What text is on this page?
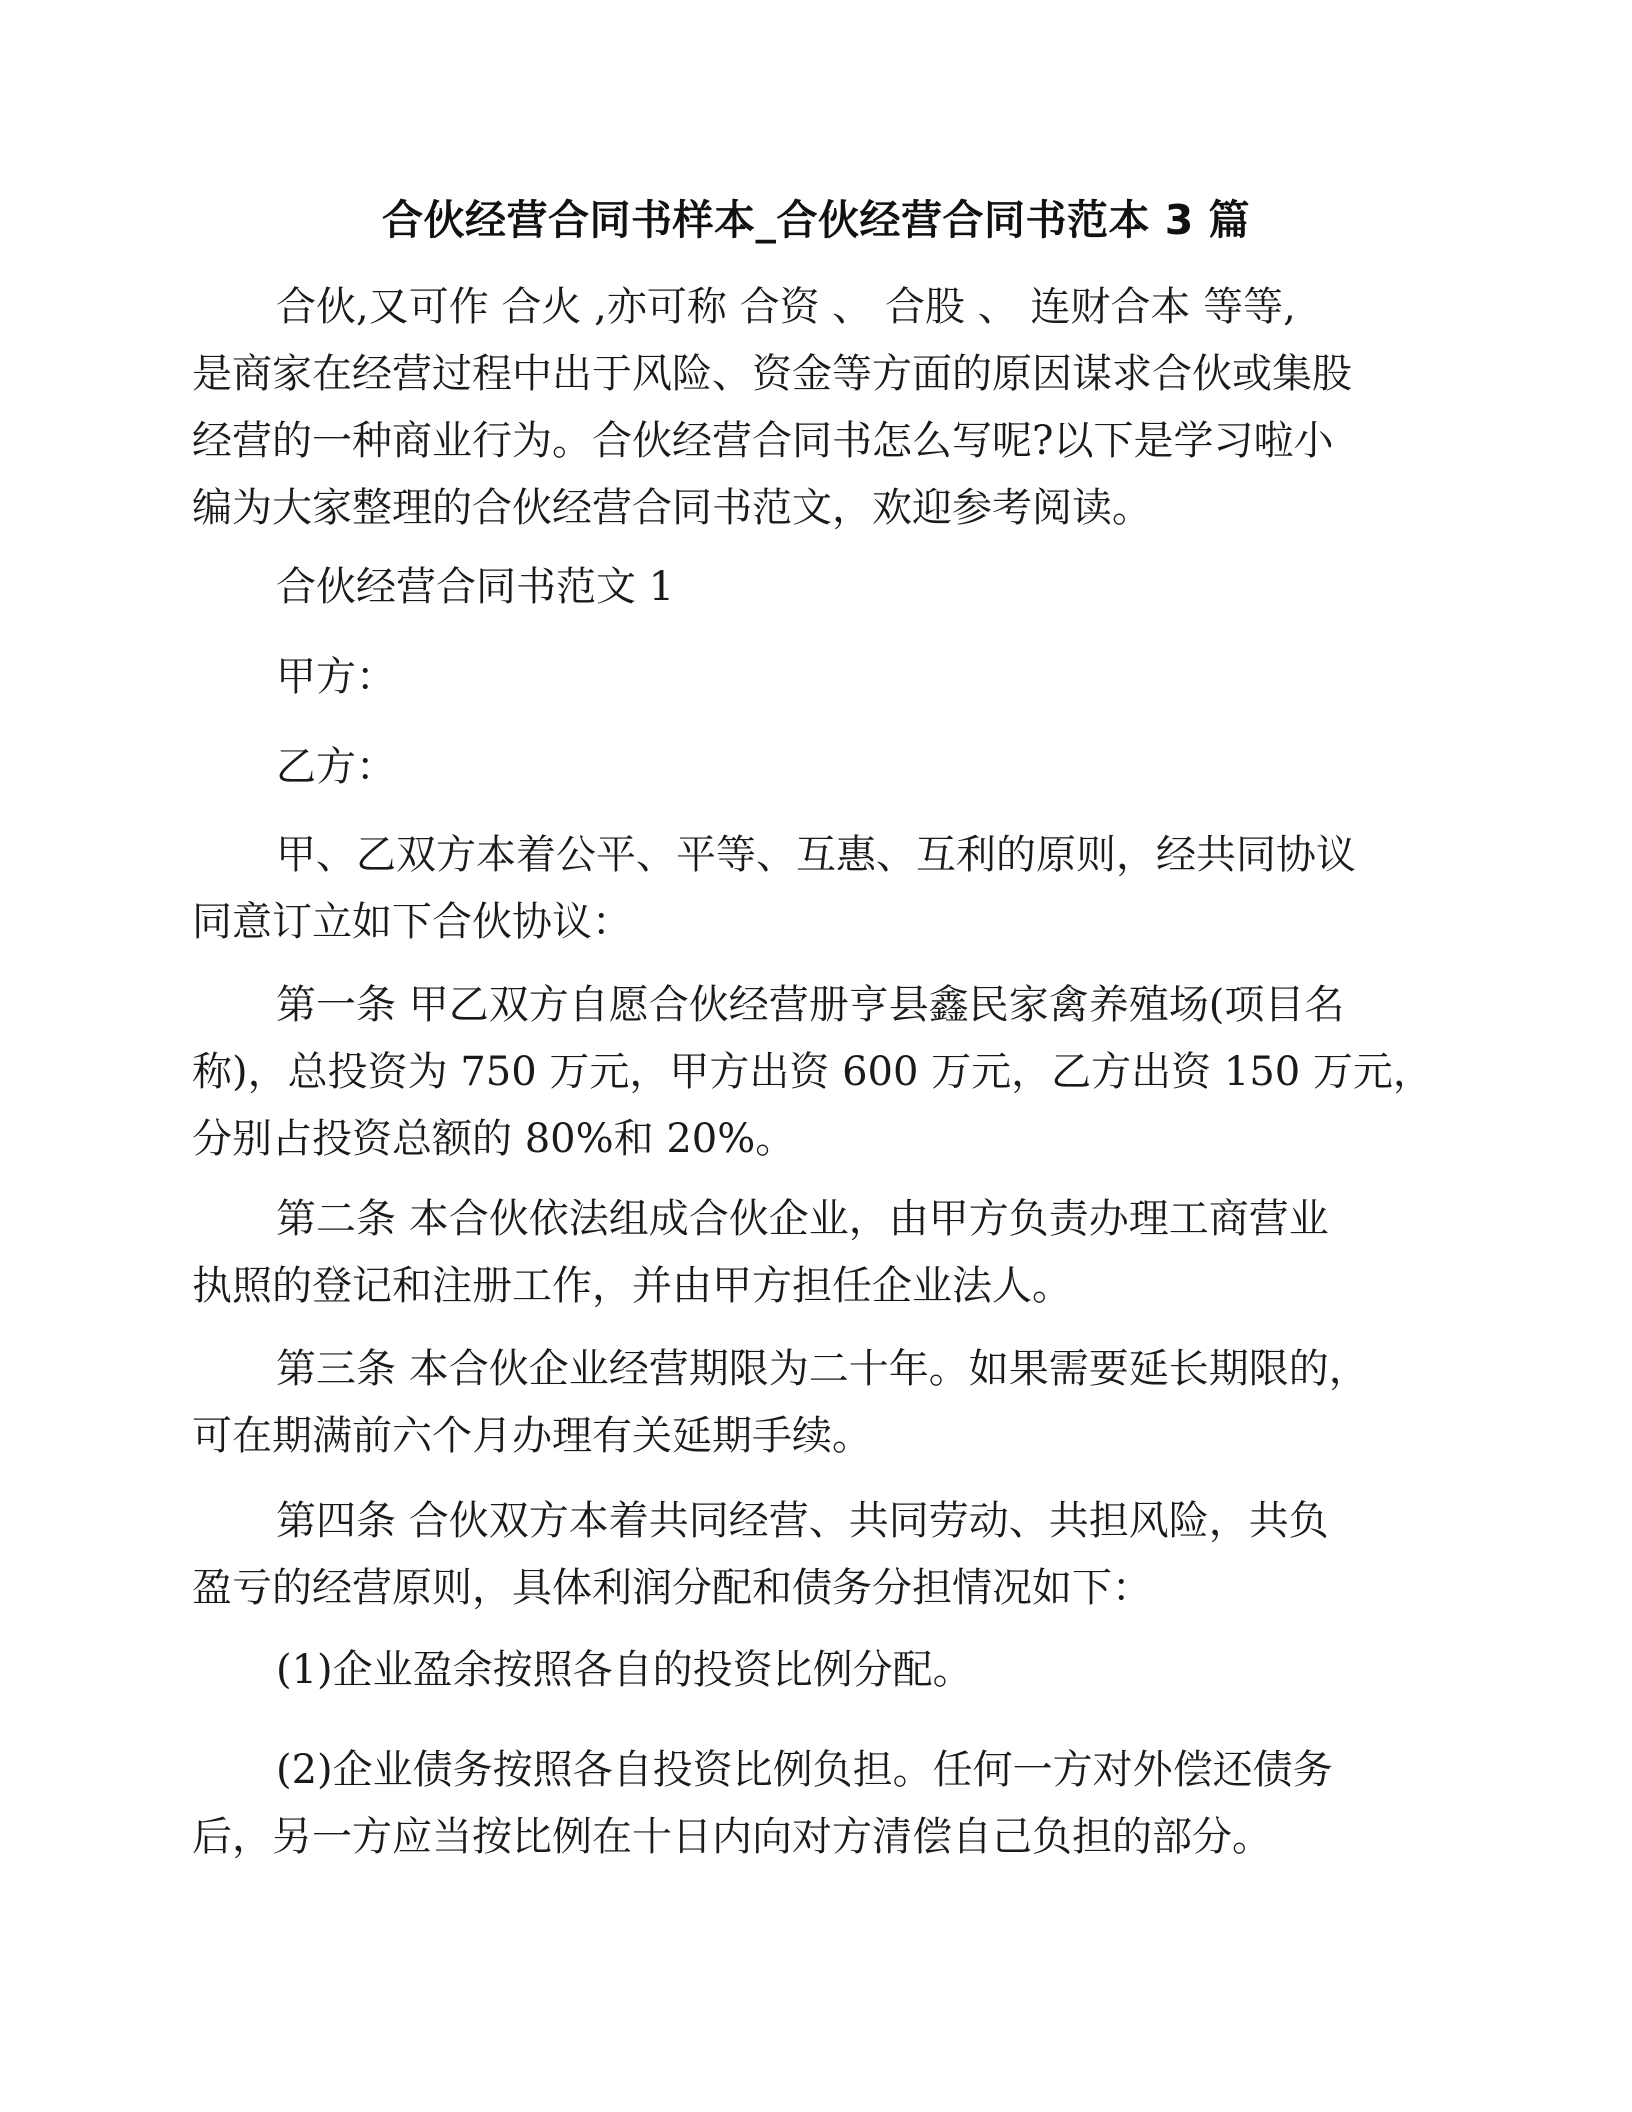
合伙经营合同书样本_合伙经营合同书范本 3 篇
合伙,又可作 合火 ,亦可称 合资 、 合股 、 连财合本 等等,
是商家在经营过程中出于风险、资金等方面的原因谋求合伙或集股
经营的一种商业行为。合伙经营合同书怎么写呢?以下是学习啦小
编为大家整理的合伙经营合同书范文，欢迎参考阅读。
合伙经营合同书范文 1
甲方：
乙方：
甲、乙双方本着公平、平等、互惠、互利的原则，经共同协议
同意订立如下合伙协议：
第一条 甲乙双方自愿合伙经营册亨县鑫民家禽养殖场(项目名
称)，总投资为 750 万元，甲方出资 600 万元，乙方出资 150 万元，
分别占投资总额的 80%和 20%。
第二条 本合伙依法组成合伙企业，由甲方负责办理工商营业
执照的登记和注册工作，并由甲方担任企业法人。
第三条 本合伙企业经营期限为二十年。如果需要延长期限的，
可在期满前六个月办理有关延期手续。
第四条 合伙双方本着共同经营、共同劳动、共担风险，共负
盈亏的经营原则，具体利润分配和债务分担情况如下：
(1)企业盈余按照各自的投资比例分配。
(2)企业债务按照各自投资比例负担。任何一方对外偿还债务
后，另一方应当按比例在十日内向对方清偿自己负担的部分。
